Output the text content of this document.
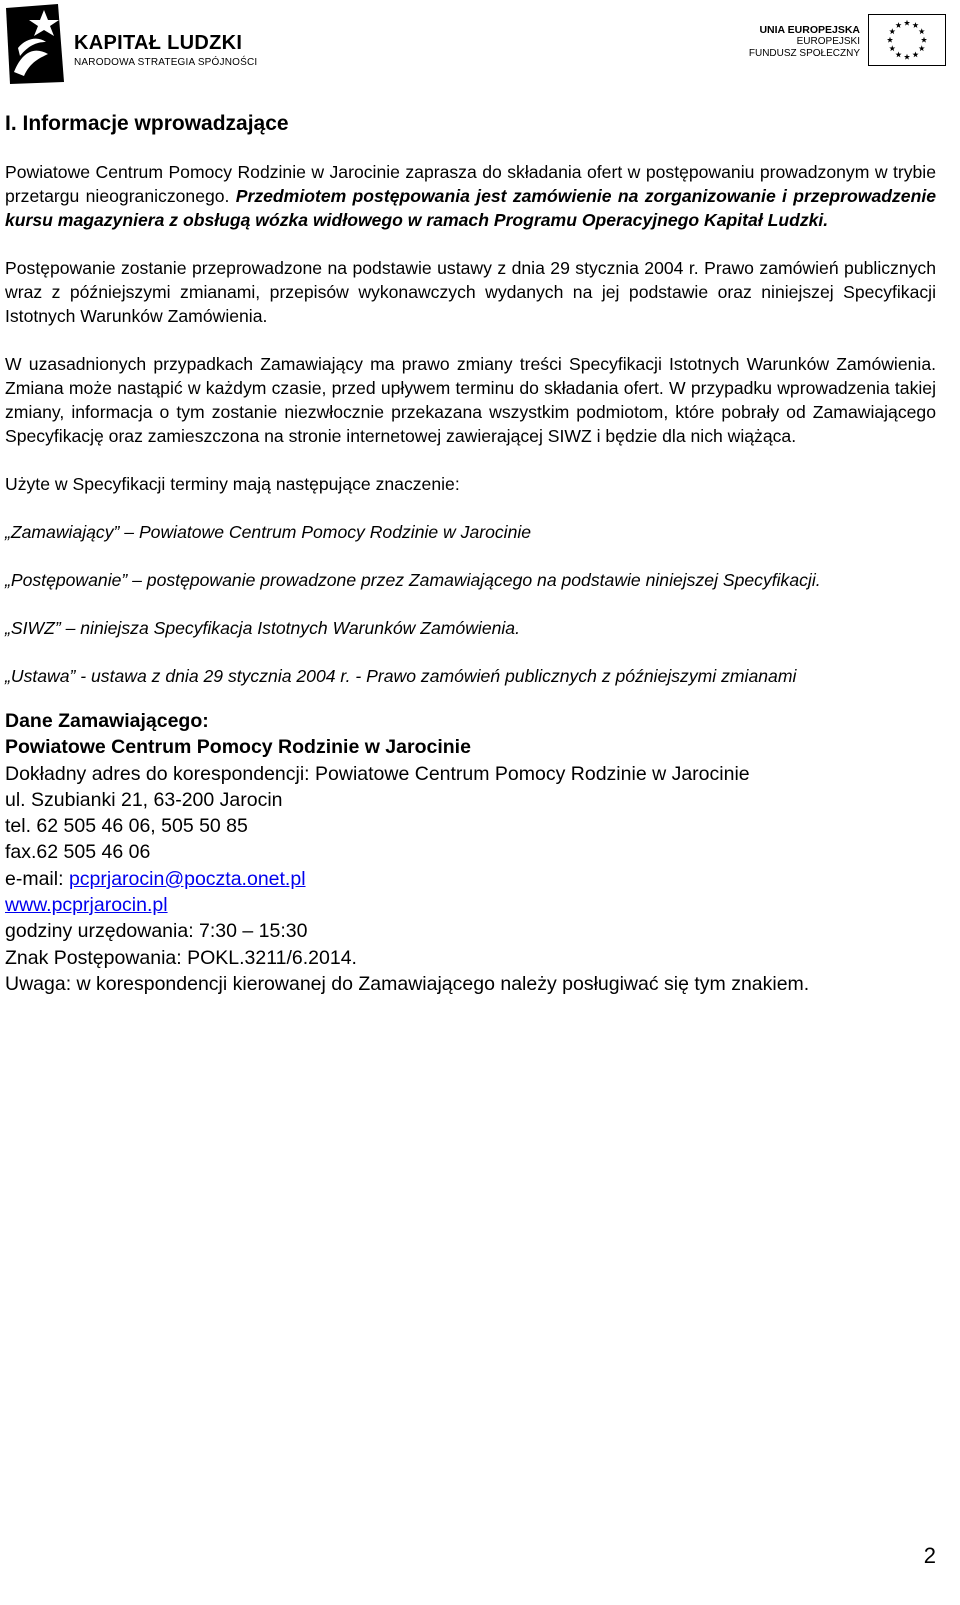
KAPITAŁ LUDZKI
NARODOWA STRATEGIA SPÓJNOŚCI
UNIA EUROPEJSKA
EUROPEJSKI
FUNDUSZ SPOŁECZNY
I. Informacje wprowadzające

Powiatowe Centrum Pomocy Rodzinie w Jarocinie zaprasza do składania ofert w postępowaniu prowadzonym w trybie przetargu nieograniczonego. Przedmiotem postępowania jest zamówienie na zorganizowanie i przeprowadzenie kursu magazyniera z obsługą wózka widłowego w ramach Programu Operacyjnego Kapitał Ludzki.

Postępowanie zostanie przeprowadzone na podstawie ustawy z dnia 29 stycznia 2004 r. Prawo zamówień publicznych wraz z późniejszymi zmianami, przepisów wykonawczych wydanych na jej podstawie oraz niniejszej Specyfikacji Istotnych Warunków Zamówienia.

W uzasadnionych przypadkach Zamawiający ma prawo zmiany treści Specyfikacji Istotnych Warunków Zamówienia. Zmiana może nastąpić w każdym czasie, przed upływem terminu do składania ofert. W przypadku wprowadzenia takiej zmiany, informacja o tym zostanie niezwłocznie przekazana wszystkim podmiotom, które pobrały od Zamawiającego Specyfikację oraz zamieszczona na stronie internetowej zawierającej SIWZ i będzie dla nich wiążąca.

Użyte w Specyfikacji terminy mają następujące znaczenie:

„Zamawiający” – Powiatowe Centrum Pomocy Rodzinie w Jarocinie

„Postępowanie” – postępowanie prowadzone przez Zamawiającego na podstawie niniejszej Specyfikacji.

„SIWZ” – niniejsza Specyfikacja Istotnych Warunków Zamówienia.

„Ustawa” - ustawa z dnia 29 stycznia 2004 r. - Prawo zamówień publicznych z późniejszymi zmianami

Dane Zamawiającego:
Powiatowe Centrum Pomocy Rodzinie w Jarocinie
Dokładny adres do korespondencji: Powiatowe Centrum Pomocy Rodzinie w Jarocinie
ul. Szubianki 21, 63-200 Jarocin
tel. 62 505 46 06, 505 50 85
fax.62 505 46 06
e-mail: pcprjarocin@poczta.onet.pl
www.pcprjarocin.pl
godziny urzędowania: 7:30 – 15:30
Znak Postępowania: POKL.3211/6.2014.

Uwaga: w korespondencji kierowanej do Zamawiającego należy posługiwać się tym znakiem.

2
